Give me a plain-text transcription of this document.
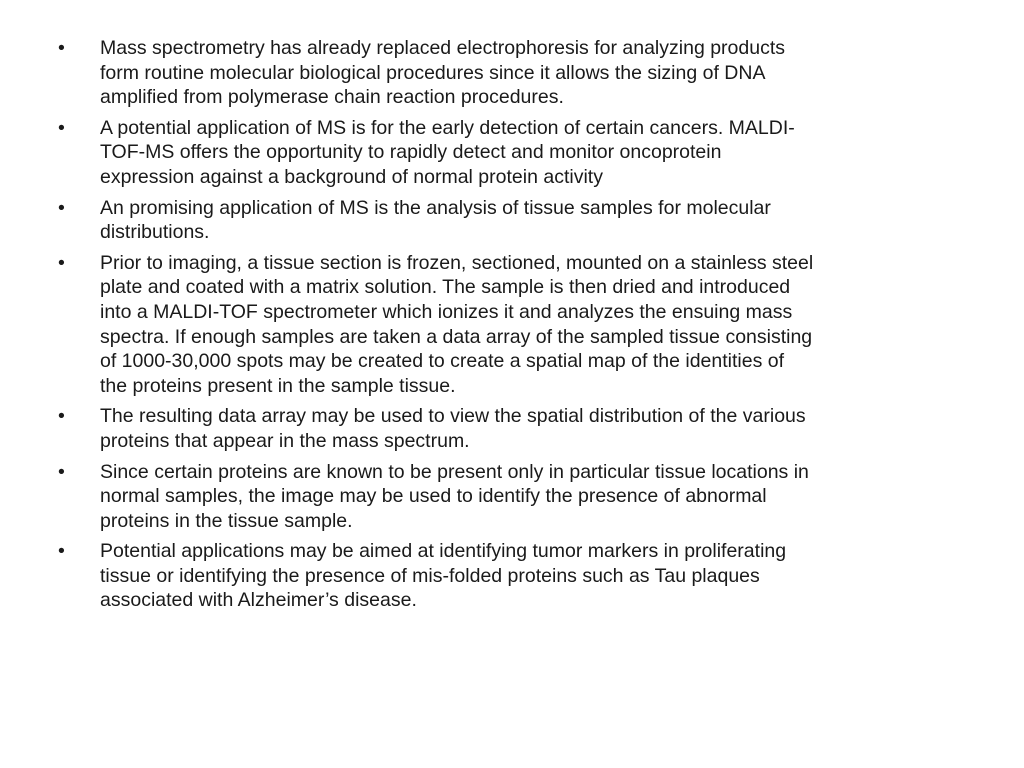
•	Mass spectrometry has already replaced electrophoresis for analyzing products
form routine molecular biological procedures since it allows the sizing of DNA
amplified from polymerase chain reaction procedures.
•	A potential application of MS is for the early detection of certain cancers. MALDI-
TOF-MS offers the opportunity to rapidly detect and monitor oncoprotein
expression against a background of normal protein activity
•	An promising application of MS is the analysis of tissue samples for molecular
distributions.
•	Prior to imaging, a tissue section is frozen, sectioned, mounted on a stainless steel
plate and coated with a matrix solution. The sample is then dried and introduced
into a MALDI-TOF spectrometer which ionizes it and analyzes the ensuing mass
spectra. If enough samples are taken a data array of the sampled tissue consisting
of 1000-30,000 spots may be created to create a spatial map of the identities of
the proteins present in the sample tissue.
•	The resulting data array may be used to view the spatial distribution of the various
proteins that appear in the mass spectrum.
•	Since certain proteins are known to be present only in particular tissue locations in
normal samples, the image may be used to identify the presence of abnormal
proteins in the tissue sample.
•	Potential applications may be aimed at identifying tumor markers in proliferating
tissue or identifying the presence of mis-folded proteins such as Tau plaques
associated with Alzheimer’s disease.
